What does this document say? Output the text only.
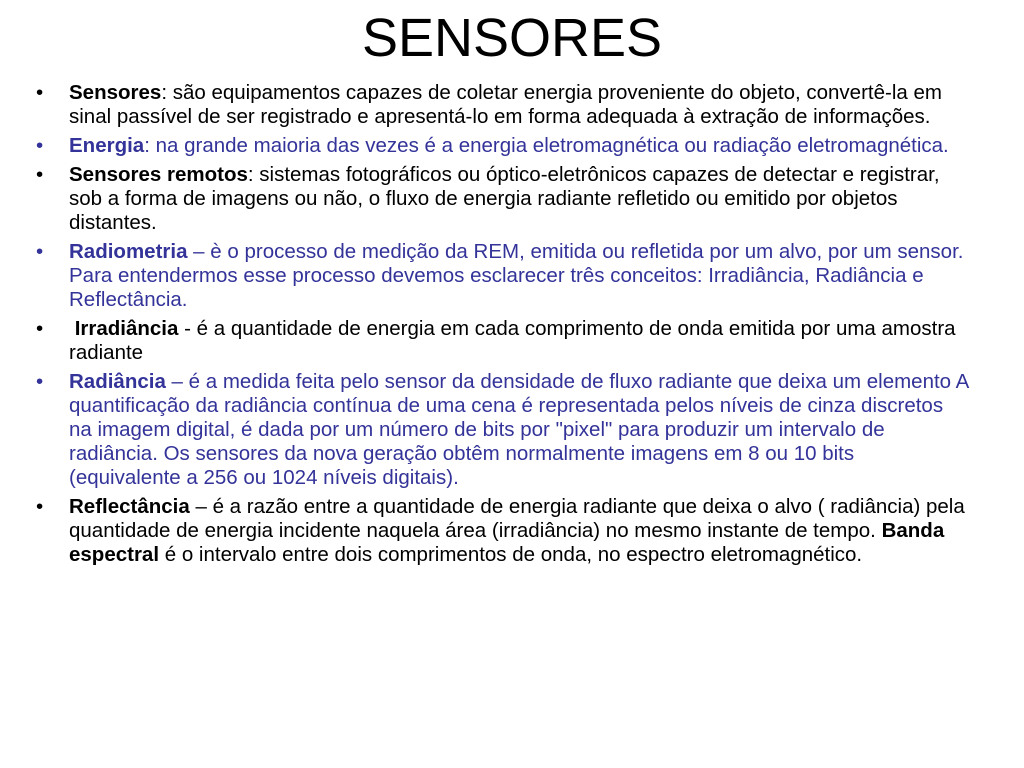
SENSORES
• Sensores: são equipamentos capazes de coletar energia proveniente do objeto, convertê-la em sinal passível de ser registrado e apresentá-lo em forma adequada à extração de informações.
• Energia: na grande maioria das vezes é a energia eletromagnética ou radiação eletromagnética.
• Sensores remotos: sistemas fotográficos ou óptico-eletrônicos capazes de detectar e registrar, sob a forma de imagens ou não, o fluxo de energia radiante refletido ou emitido por objetos distantes.
• Radiometria – è o processo de medição da REM, emitida ou refletida por um alvo, por um sensor. Para entendermos esse processo devemos esclarecer três conceitos: Irradiância, Radiância e Reflectância.
• Irradiância - é a quantidade de energia em cada comprimento de onda emitida por uma amostra radiante
• Radiância – é a medida feita pelo sensor da densidade de fluxo radiante que deixa um elemento A quantificação da radiância contínua de uma cena é representada pelos níveis de cinza discretos na imagem digital, é dada por um número de bits por "pixel" para produzir um intervalo de radiância. Os sensores da nova geração obtêm normalmente imagens em 8 ou 10 bits (equivalente a 256 ou 1024 níveis digitais).
• Reflectância – é a razão entre a quantidade de energia radiante que deixa o alvo ( radiância) pela quantidade de energia incidente naquela área (irradiância) no mesmo instante de tempo. Banda espectral é o intervalo entre dois comprimentos de onda, no espectro eletromagnético.
